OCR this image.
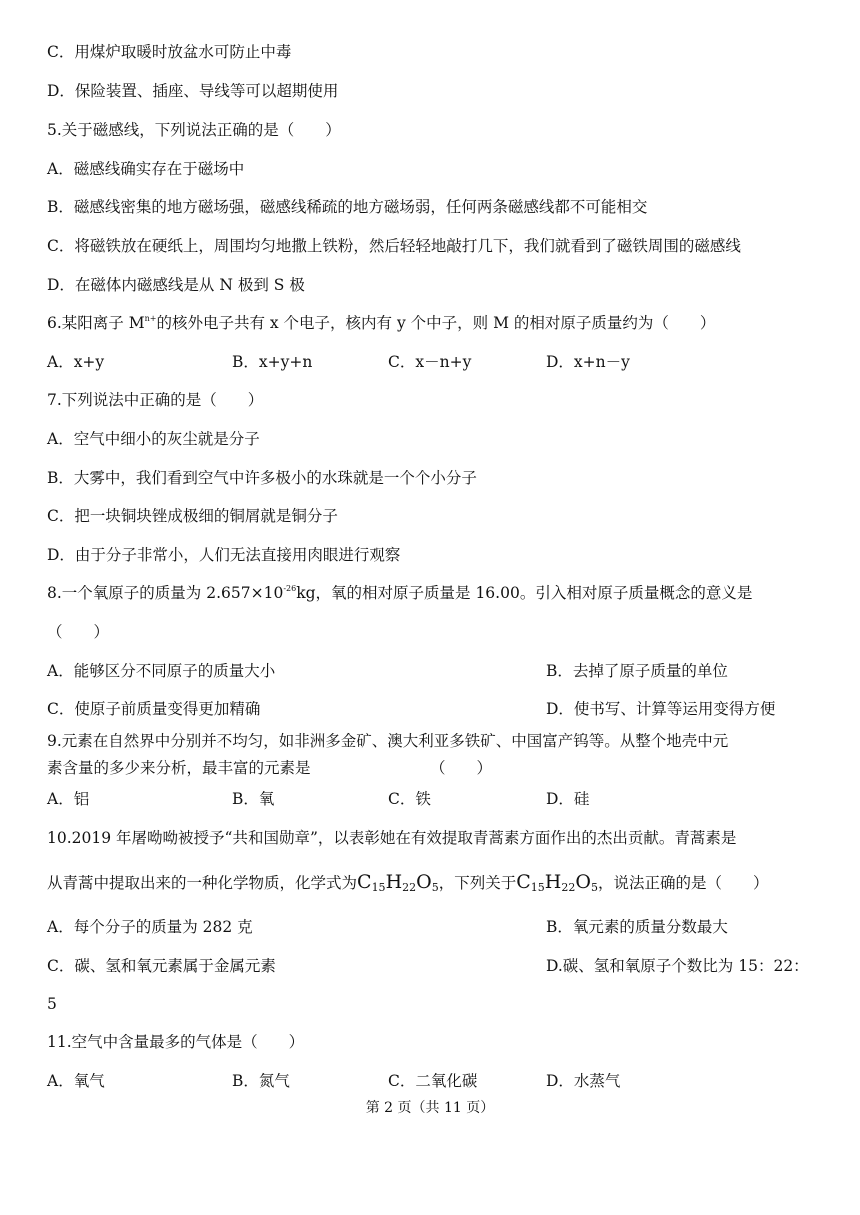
C．用煤炉取暖时放盆水可防止中毒
D．保险装置、插座、导线等可以超期使用
5.关于磁感线，下列说法正确的是（　　）
A．磁感线确实存在于磁场中
B．磁感线密集的地方磁场强，磁感线稀疏的地方磁场弱，任何两条磁感线都不可能相交
C．将磁铁放在硬纸上，周围均匀地撒上铁粉，然后轻轻地敲打几下，我们就看到了磁铁周围的磁感线
D．在磁体内磁感线是从 N 极到 S 极
6.某阳离子 $M^{n+}$的核外电子共有 x 个电子，核内有 y 个中子，则 M 的相对原子质量约为（　　）
A．x+y	B．x+y+n	C．x－n+y	D．x+n－y
7.下列说法中正确的是（　　）
A．空气中细小的灰尘就是分子
B．大雾中，我们看到空气中许多极小的水珠就是一个个小分子
C．把一块铜块锉成极细的铜屑就是铜分子
D．由于分子非常小，人们无法直接用肉眼进行观察
8.一个氧原子的质量为 $2.657\times 10^{-26}kg$，氧的相对原子质量是 16.00。引入相对原子质量概念的意义是
（　　）
A．能够区分不同原子的质量大小	B．去掉了原子质量的单位
C．使原子前质量变得更加精确	D．使书写、计算等运用变得方便
9.元素在自然界中分别并不均匀，如非洲多金矿、澳大利亚多铁矿、中国富产钨等。从整个地壳中元
素含量的多少来分析，最丰富的元素是	（　　）
A．铝	B．氧	C．铁	D．硅
10.2019 年屠呦呦被授予“共和国勋章”，以表彰她在有效提取青蒿素方面作出的杰出贡献。青蒿素是
从青蒿中提取出来的一种化学物质，化学式为$C_{15}H_{22}O_5$，下列关于$C_{15}H_{22}O_5$，说法正确的是（　　）
A．每个分子的质量为 282 克	B．氧元素的质量分数最大
C．碳、氢和氧元素属于金属元素	D.碳、氢和氧原子个数比为 15：22：
5
11.空气中含量最多的气体是（　　）
A．氧气	B．氮气	C．二氧化碳	D．水蒸气
第 2 页（共 11 页）
